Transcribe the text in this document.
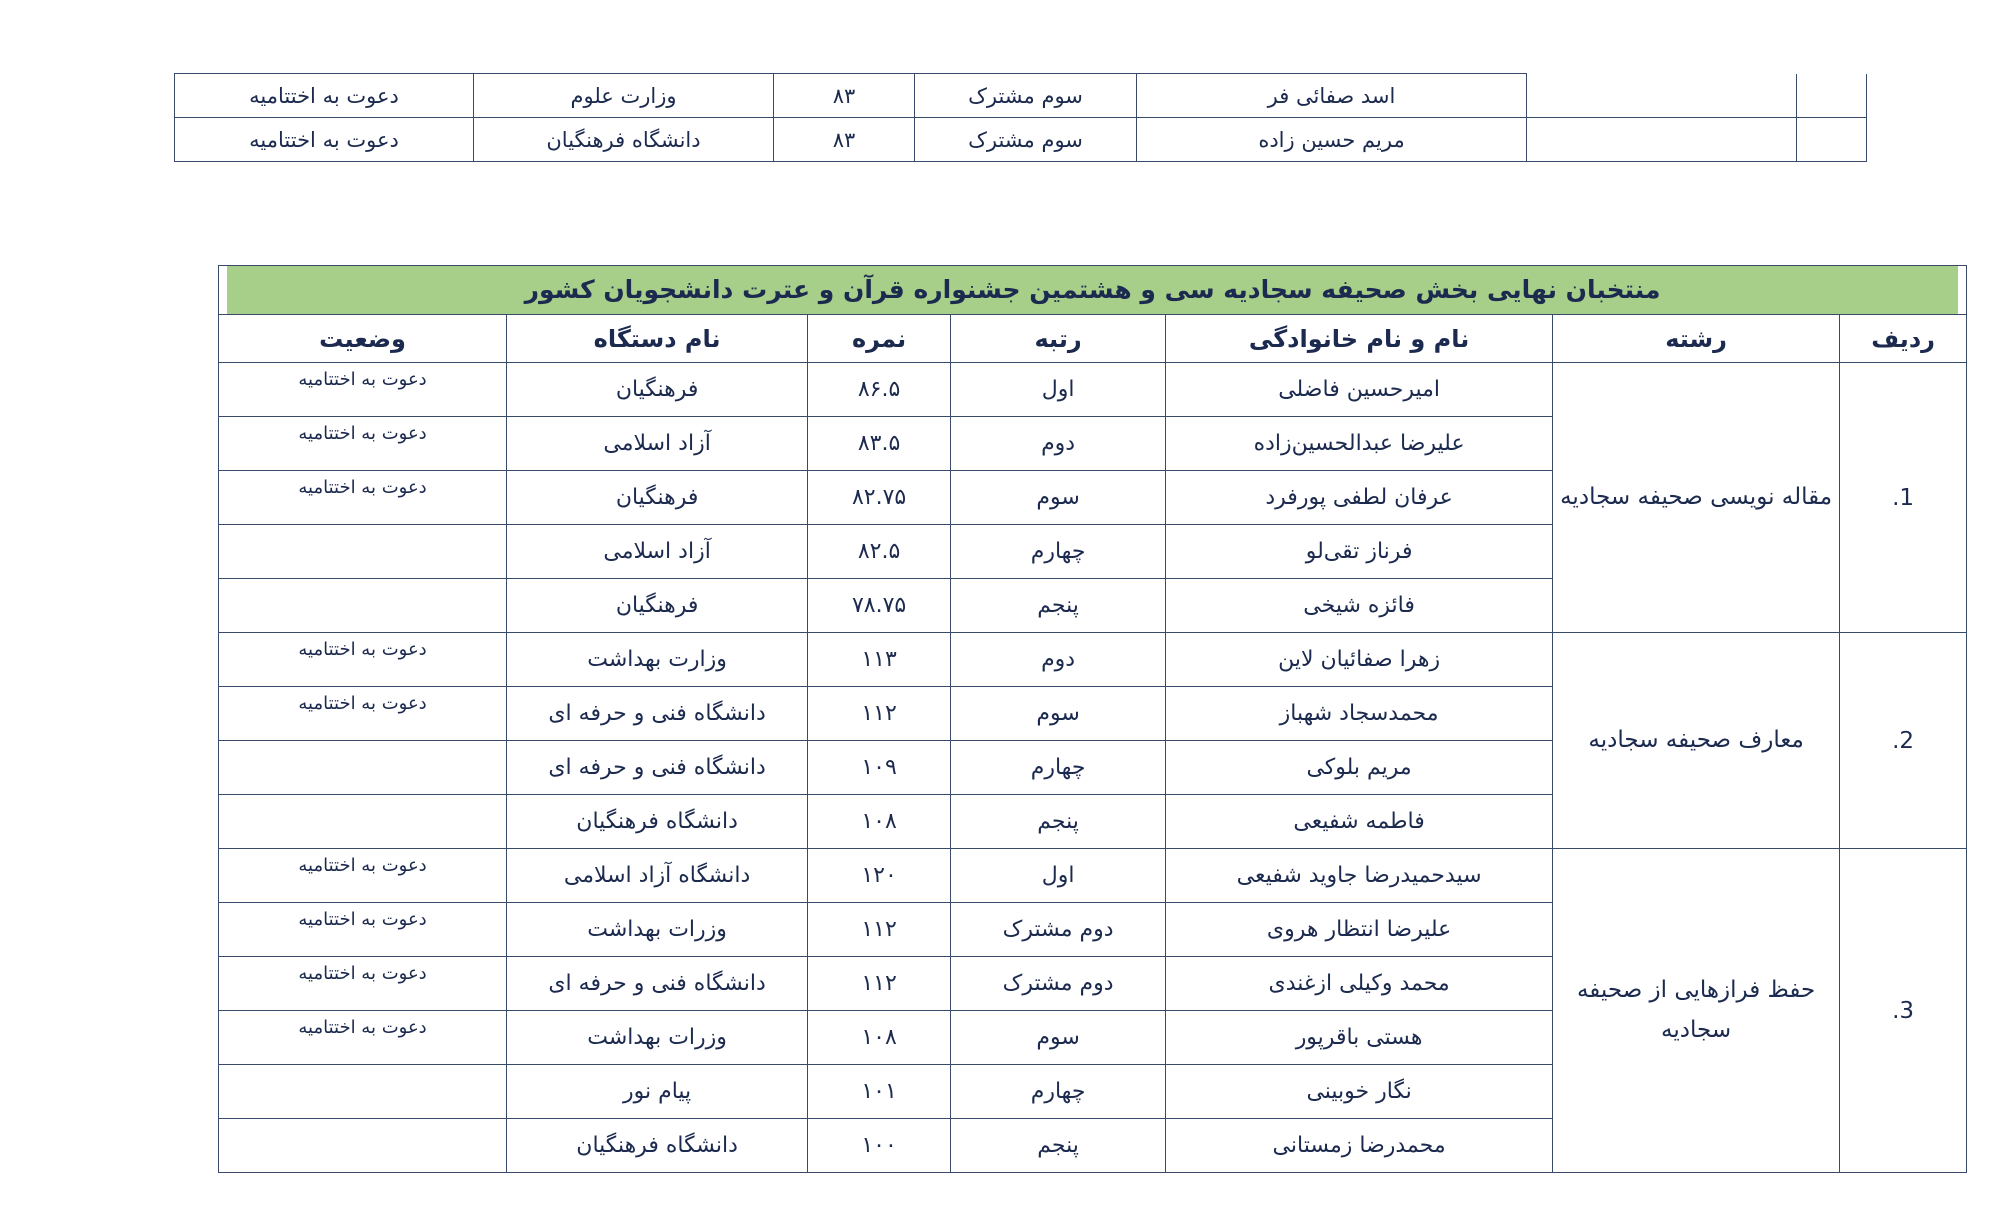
		اسد صفائی فر	سوم مشترک	۸۳	وزارت علوم	دعوت به اختتامیه
		مریم حسین زاده	سوم مشترک	۸۳	دانشگاه فرهنگیان	دعوت به اختتامیه
منتخبان نهایی بخش صحیفه سجادیه سی و هشتمین جشنواره قرآن و عترت دانشجویان کشور						

ردیف	رشته	نام و نام خانوادگی	رتبه	نمره	نام دستگاه	وضعیت
1.	مقاله نویسی صحیفه سجادیه	امیرحسین فاضلی	اول	۸۶.۵	فرهنگیان	دعوت به اختتامیه
		علیرضا عبدالحسین‌زاده	دوم	۸۳.۵	آزاد اسلامی	دعوت به اختتامیه
		عرفان لطفی پورفرد	سوم	۸۲.۷۵	فرهنگیان	دعوت به اختتامیه
		فرناز تقی‌لو	چهارم	۸۲.۵	آزاد اسلامی	
		فائزه شیخی	پنجم	۷۸.۷۵	فرهنگیان	
2.	معارف صحیفه سجادیه	زهرا صفائیان لاین	دوم	۱۱۳	وزارت بهداشت	دعوت به اختتامیه
		محمدسجاد شهباز	سوم	۱۱۲	دانشگاه فنی و حرفه ای	دعوت به اختتامیه
		مریم بلوکی	چهارم	۱۰۹	دانشگاه فنی و حرفه ای	
		فاطمه شفیعی	پنجم	۱۰۸	دانشگاه فرهنگیان	
3.	حفظ فرازهایی از صحیفه سجادیه	سیدحمیدرضا جاوید شفیعی	اول	۱۲۰	دانشگاه آزاد اسلامی	دعوت به اختتامیه
		علیرضا انتظار هروی	دوم مشترک	۱۱۲	وزرات بهداشت	دعوت به اختتامیه
		محمد وکیلی ازغندی	دوم مشترک	۱۱۲	دانشگاه فنی و حرفه ای	دعوت به اختتامیه
		هستی باقرپور	سوم	۱۰۸	وزرات بهداشت	دعوت به اختتامیه
		نگار خوبینی	چهارم	۱۰۱	پیام نور	
		محمدرضا زمستانی	پنجم	۱۰۰	دانشگاه فرهنگیان	
